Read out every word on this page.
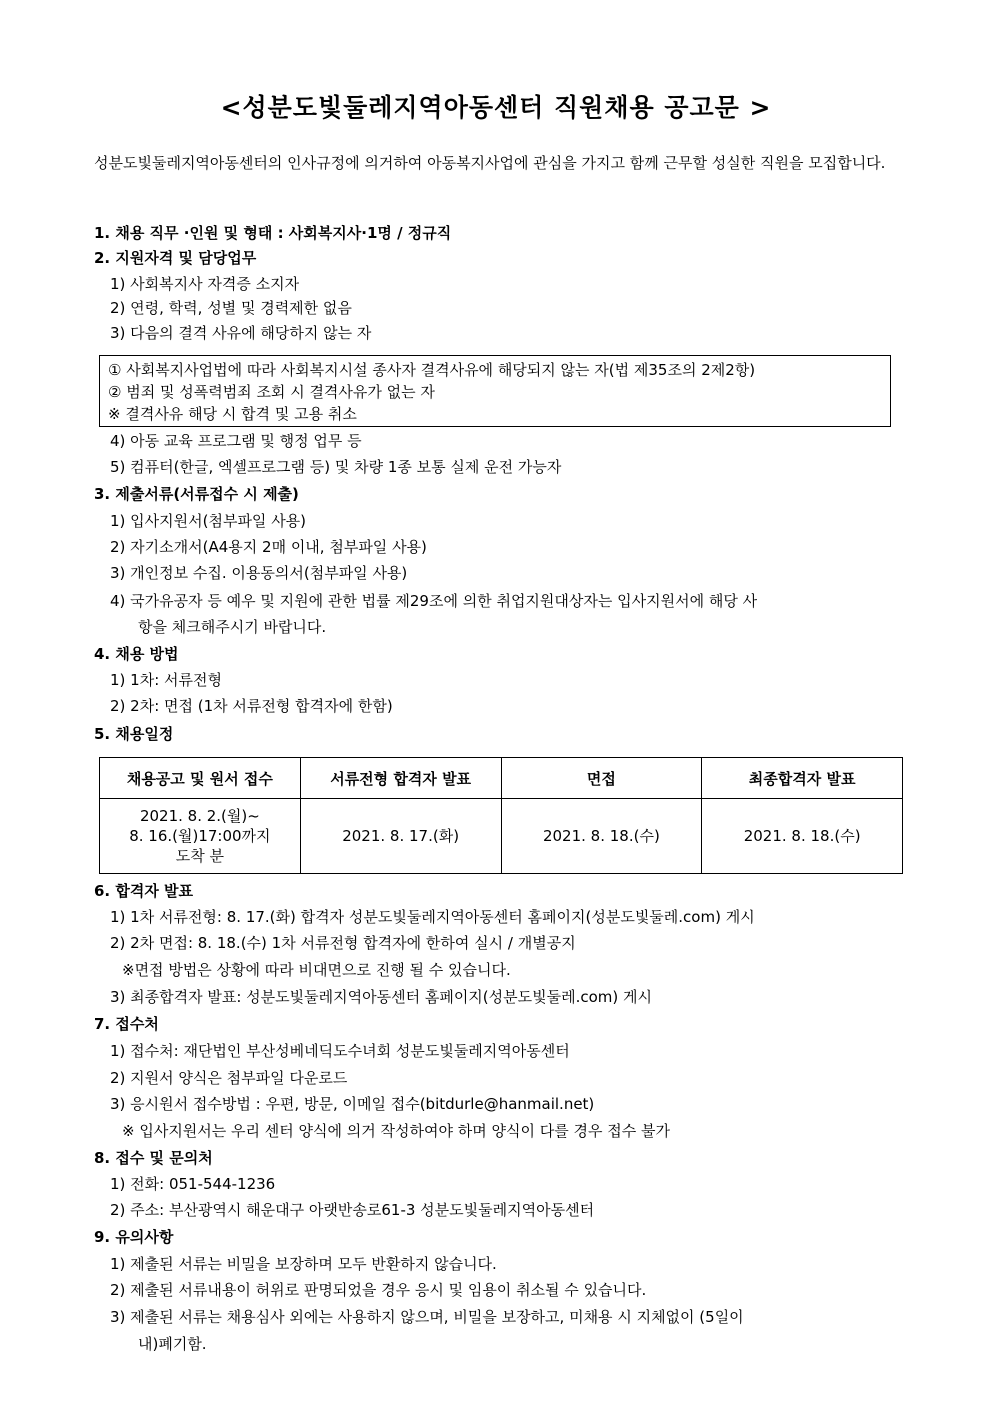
<성분도빛둘레지역아동센터 직원채용 공고문 >
성분도빛둘레지역아동센터의 인사규정에 의거하여 아동복지사업에 관심을 가지고 함께 근무할 성실한 직원을 모집합니다.
1. 채용 직무 ·인원 및 형태 : 사회복지사·1명 / 정규직
2. 지원자격 및 담당업무
1) 사회복지사 자격증 소지자
2) 연령, 학력, 성별 및 경력제한 없음
3) 다음의 결격 사유에 해당하지 않는 자
① 사회복지사업법에 따라 사회복지시설 종사자 결격사유에 해당되지 않는 자(법 제35조의 2제2항)
② 범죄 및 성폭력범죄 조회 시 결격사유가 없는 자
※ 결격사유 해당 시 합격 및 고용 취소
4) 아동 교육 프로그램 및 행정 업무 등
5) 컴퓨터(한글, 엑셀프로그램 등) 및 차량 1종 보통 실제 운전 가능자
3. 제출서류(서류접수 시 제출)
1) 입사지원서(첨부파일 사용)
2) 자기소개서(A4용지 2매 이내, 첨부파일 사용)
3) 개인정보 수집. 이용동의서(첨부파일 사용)
4) 국가유공자 등 예우 및 지원에 관한 법률 제29조에 의한 취업지원대상자는 입사지원서에 해당 사
항을 체크해주시기 바랍니다.
4. 채용 방법
1) 1차: 서류전형
2) 2차: 면접 (1차 서류전형 합격자에 한함)
5. 채용일정
채용공고 및 원서 접수	서류전형 합격자 발표	면접	최종합격자 발표

2021. 8. 2.(월)~
8. 16.(월)17:00까지
도착 분	2021. 8. 17.(화)	2021. 8. 18.(수)	2021. 8. 18.(수)
6. 합격자 발표
1) 1차 서류전형: 8. 17.(화) 합격자 성분도빛둘레지역아동센터 홈페이지(성분도빛둘레.com) 게시
2) 2차 면접: 8. 18.(수) 1차 서류전형 합격자에 한하여 실시 / 개별공지
※면접 방법은 상황에 따라 비대면으로 진행 될 수 있습니다.
3) 최종합격자 발표: 성분도빛둘레지역아동센터 홈페이지(성분도빛둘레.com) 게시
7. 접수처
1) 접수처: 재단법인 부산성베네딕도수녀회 성분도빛둘레지역아동센터
2) 지원서 양식은 첨부파일 다운로드
3) 응시원서 접수방법 : 우편, 방문, 이메일 접수(bitdurle@hanmail.net)
※ 입사지원서는 우리 센터 양식에 의거 작성하여야 하며 양식이 다를 경우 접수 불가
8. 접수 및 문의처
1) 전화: 051-544-1236
2) 주소: 부산광역시 해운대구 아랫반송로61-3 성분도빛둘레지역아동센터
9. 유의사항
1) 제출된 서류는 비밀을 보장하며 모두 반환하지 않습니다.
2) 제출된 서류내용이 허위로 판명되었을 경우 응시 및 임용이 취소될 수 있습니다.
3) 제출된 서류는 채용심사 외에는 사용하지 않으며, 비밀을 보장하고, 미채용 시 지체없이 (5일이
내)폐기함.
